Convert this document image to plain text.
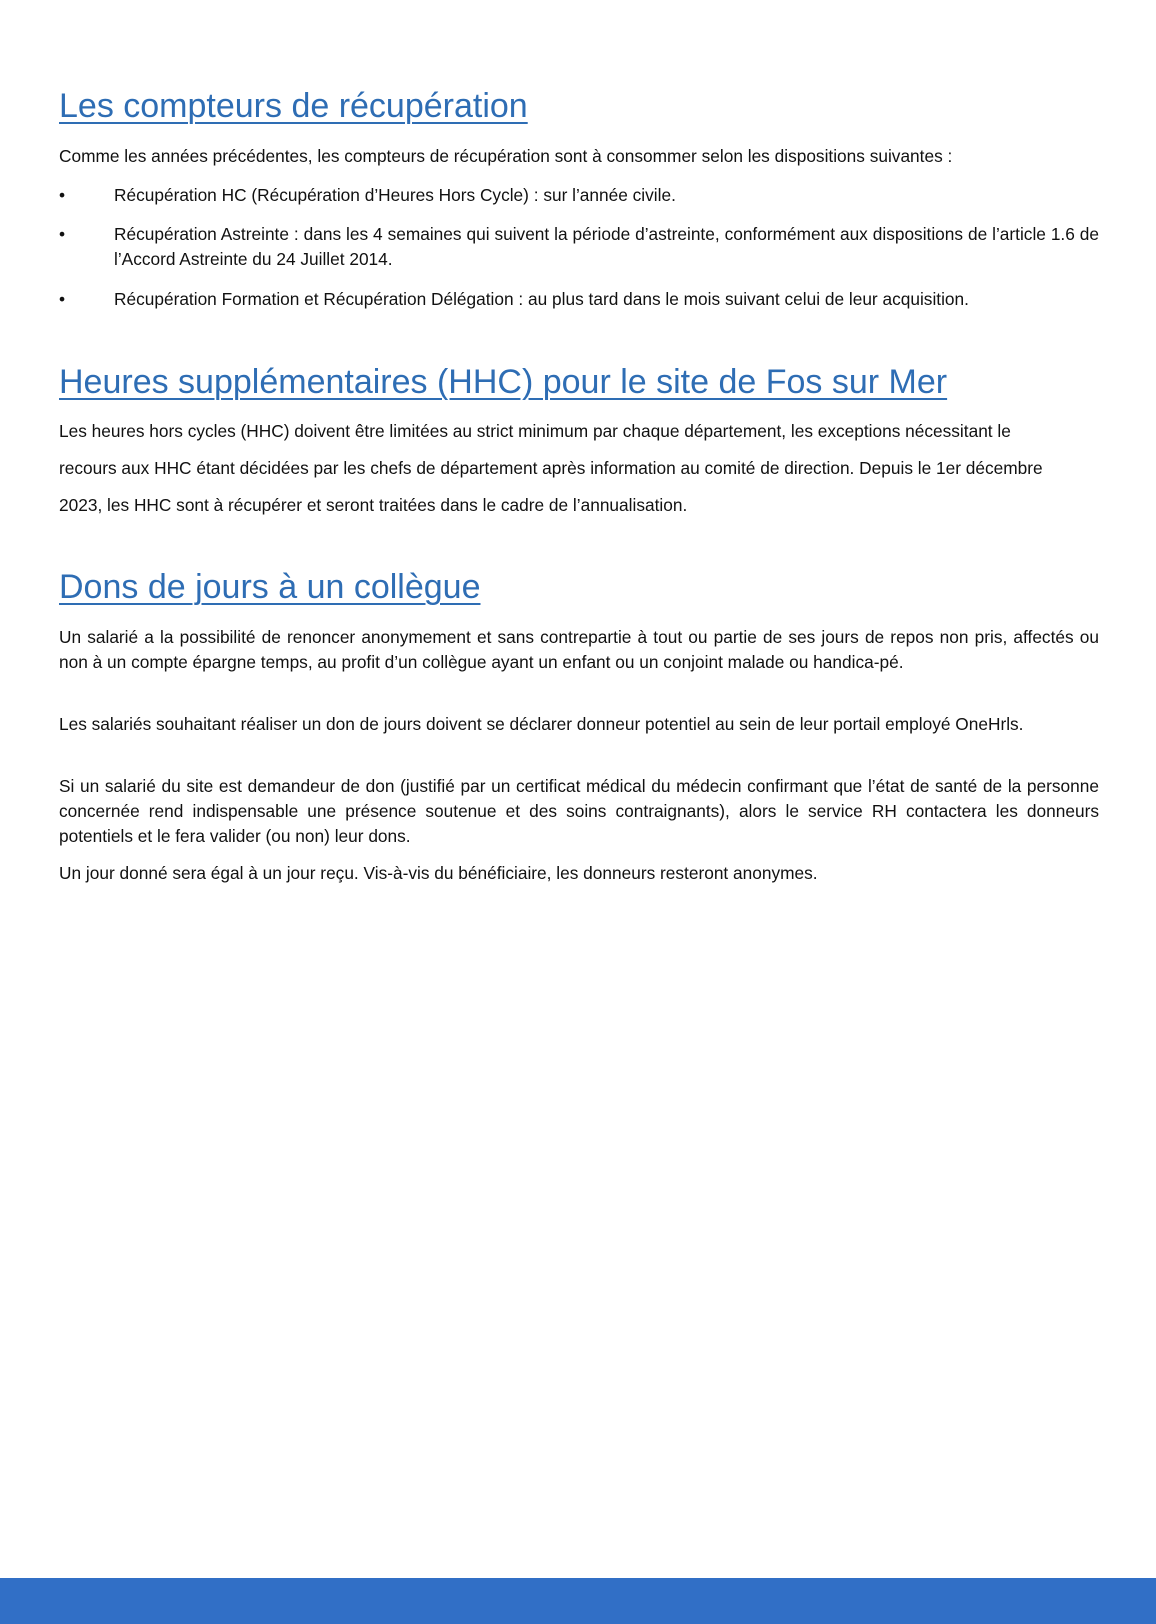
Les compteurs de récupération

Comme les années précédentes, les compteurs de récupération sont à consommer selon les dispositions suivantes :

•	Récupération HC (Récupération d’Heures Hors Cycle) : sur l’année civile.
•	Récupération Astreinte : dans les 4 semaines qui suivent la période d’astreinte, conformément aux dispositions de l’article 1.6 de l’Accord Astreinte du 24 Juillet 2014.
•	Récupération Formation et Récupération Délégation : au plus tard dans le mois suivant celui de leur acquisition.
Heures supplémentaires (HHC) pour le site de Fos sur Mer

Les heures hors cycles (HHC) doivent être limitées au strict minimum par chaque département, les exceptions nécessitant le recours aux HHC étant décidées par les chefs de département après information au comité de direction. Depuis le 1er décembre 2023, les HHC sont à récupérer et seront traitées dans le cadre de l’annualisation.

Dons de jours à un collègue

Un salarié a la possibilité de renoncer anonymement et sans contrepartie à tout ou partie de ses jours de repos non pris, affectés ou non à un compte épargne temps, au profit d’un collègue ayant un enfant ou un conjoint malade ou handica-pé.

Les salariés souhaitant réaliser un don de jours doivent se déclarer donneur potentiel au sein de leur portail employé OneHrls.

Si un salarié du site est demandeur de don (justifié par un certificat médical du médecin confirmant que l’état de santé de la personne concernée rend indispensable une présence soutenue et des soins contraignants), alors le service RH contactera les donneurs potentiels et le fera valider (ou non) leur dons.

Un jour donné sera égal à un jour reçu. Vis-à-vis du bénéficiaire, les donneurs resteront anonymes.
